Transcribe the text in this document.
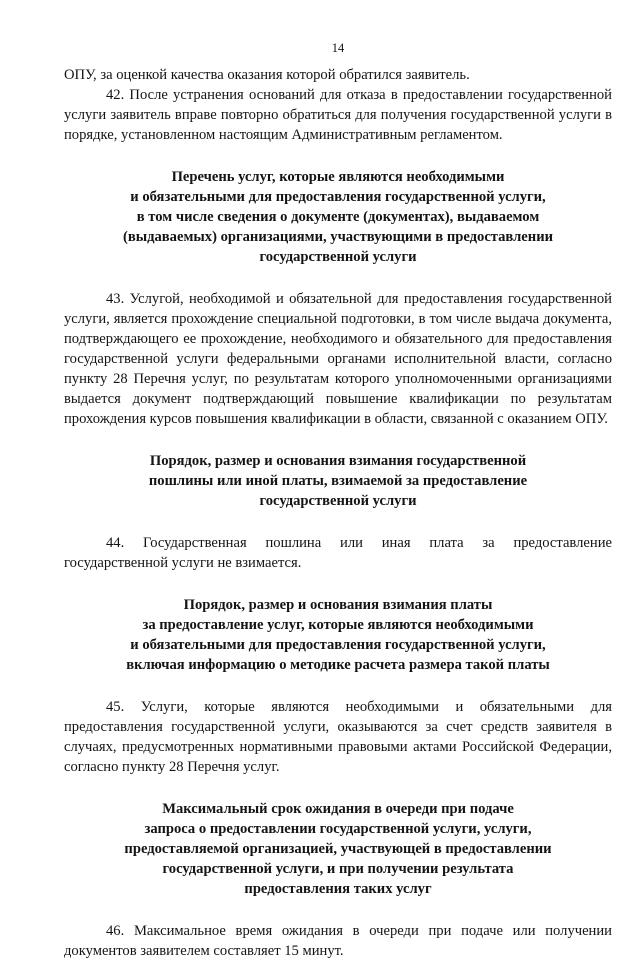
14

ОПУ, за оценкой качества оказания которой обратился заявитель.

42. После устранения оснований для отказа в предоставлении государственной услуги заявитель вправе повторно обратиться для получения государственной услуги в порядке, установленном настоящим Административным регламентом.

Перечень услуг, которые являются необходимыми
и обязательными для предоставления государственной услуги,
в том числе сведения о документе (документах), выдаваемом
(выдаваемых) организациями, участвующими в предоставлении
государственной услуги

43. Услугой, необходимой и обязательной для предоставления государственной услуги, является прохождение специальной подготовки, в том числе выдача документа, подтверждающего ее прохождение, необходимого и обязательного для предоставления государственной услуги федеральными органами исполнительной власти, согласно пункту 28 Перечня услуг, по результатам которого уполномоченными организациями выдается документ подтверждающий повышение квалификации по результатам прохождения курсов повышения квалификации в области, связанной с оказанием ОПУ.

Порядок, размер и основания взимания государственной
пошлины или иной платы, взимаемой за предоставление
государственной услуги

44. Государственная пошлина или иная плата за предоставление государственной услуги не взимается.

Порядок, размер и основания взимания платы
за предоставление услуг, которые являются необходимыми
и обязательными для предоставления государственной услуги,
включая информацию о методике расчета размера такой платы

45. Услуги, которые являются необходимыми и обязательными для предоставления государственной услуги, оказываются за счет средств заявителя в случаях, предусмотренных нормативными правовыми актами Российской Федерации, согласно пункту 28 Перечня услуг.

Максимальный срок ожидания в очереди при подаче
запроса о предоставлении государственной услуги, услуги,
предоставляемой организацией, участвующей в предоставлении
государственной услуги, и при получении результата
предоставления таких услуг

46. Максимальное время ожидания в очереди при подаче или получении документов заявителем составляет 15 минут.
